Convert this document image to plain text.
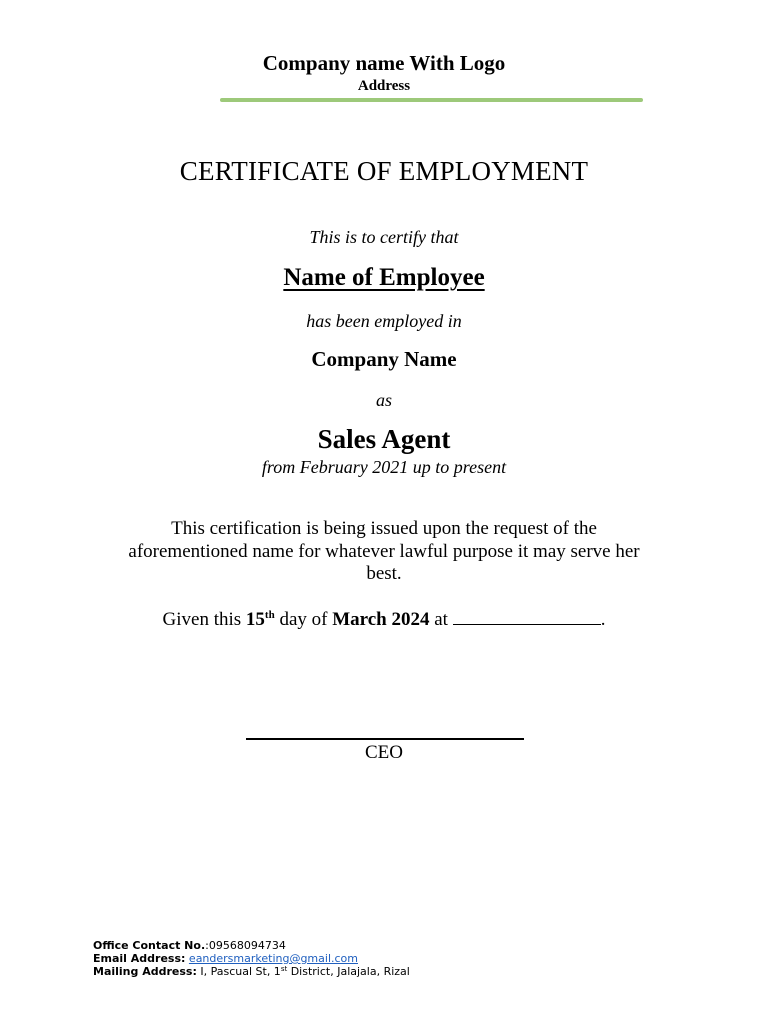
Company name With Logo
Address
CERTIFICATE OF EMPLOYMENT
This is to certify that
Name of Employee
has been employed in
Company Name
as
Sales Agent
from February 2021 up to present
This certification is being issued upon the request of the
aforementioned name for whatever lawful purpose it may serve her
best.
Given this 15th day of March 2024 at	.
CEO
Office Contact No.:09568094734
Email Address: eandersmarketing@gmail.com
Mailing Address: I, Pascual St, 1st District, Jalajala, Rizal
